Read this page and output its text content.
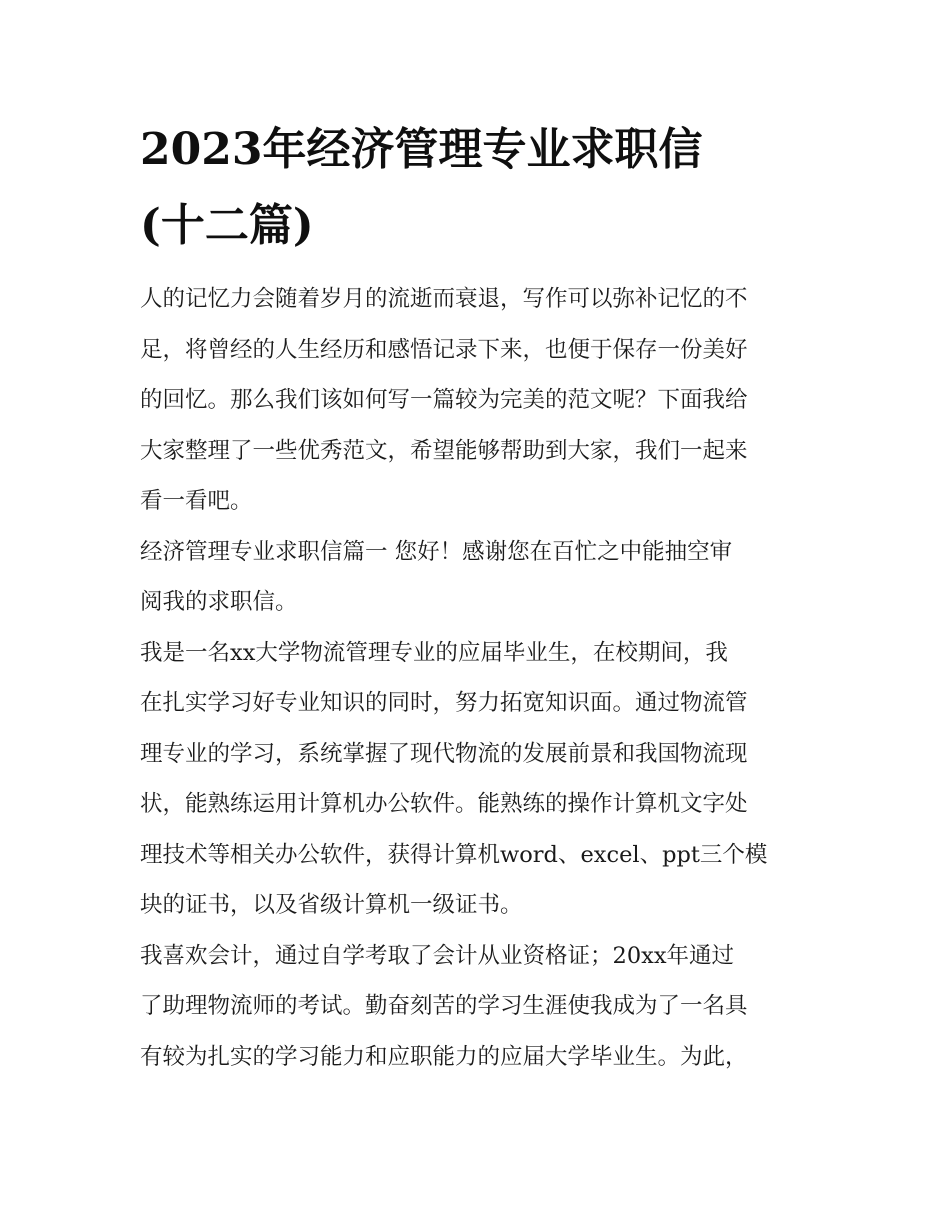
2023年经济管理专业求职信
(十二篇)

人的记忆力会随着岁月的流逝而衰退，写作可以弥补记忆的不
足，将曾经的人生经历和感悟记录下来，也便于保存一份美好
的回忆。那么我们该如何写一篇较为完美的范文呢？下面我给
大家整理了一些优秀范文，希望能够帮助到大家，我们一起来
看一看吧。

经济管理专业求职信篇一 您好！感谢您在百忙之中能抽空审
阅我的求职信。

我是一名xx大学物流管理专业的应届毕业生，在校期间，我
在扎实学习好专业知识的同时，努力拓宽知识面。通过物流管
理专业的学习，系统掌握了现代物流的发展前景和我国物流现
状，能熟练运用计算机办公软件。能熟练的操作计算机文字处
理技术等相关办公软件，获得计算机word、excel、ppt三个模
块的证书，以及省级计算机一级证书。

我喜欢会计，通过自学考取了会计从业资格证；20xx年通过
了助理物流师的考试。勤奋刻苦的学习生涯使我成为了一名具
有较为扎实的学习能力和应职能力的应届大学毕业生。为此，
